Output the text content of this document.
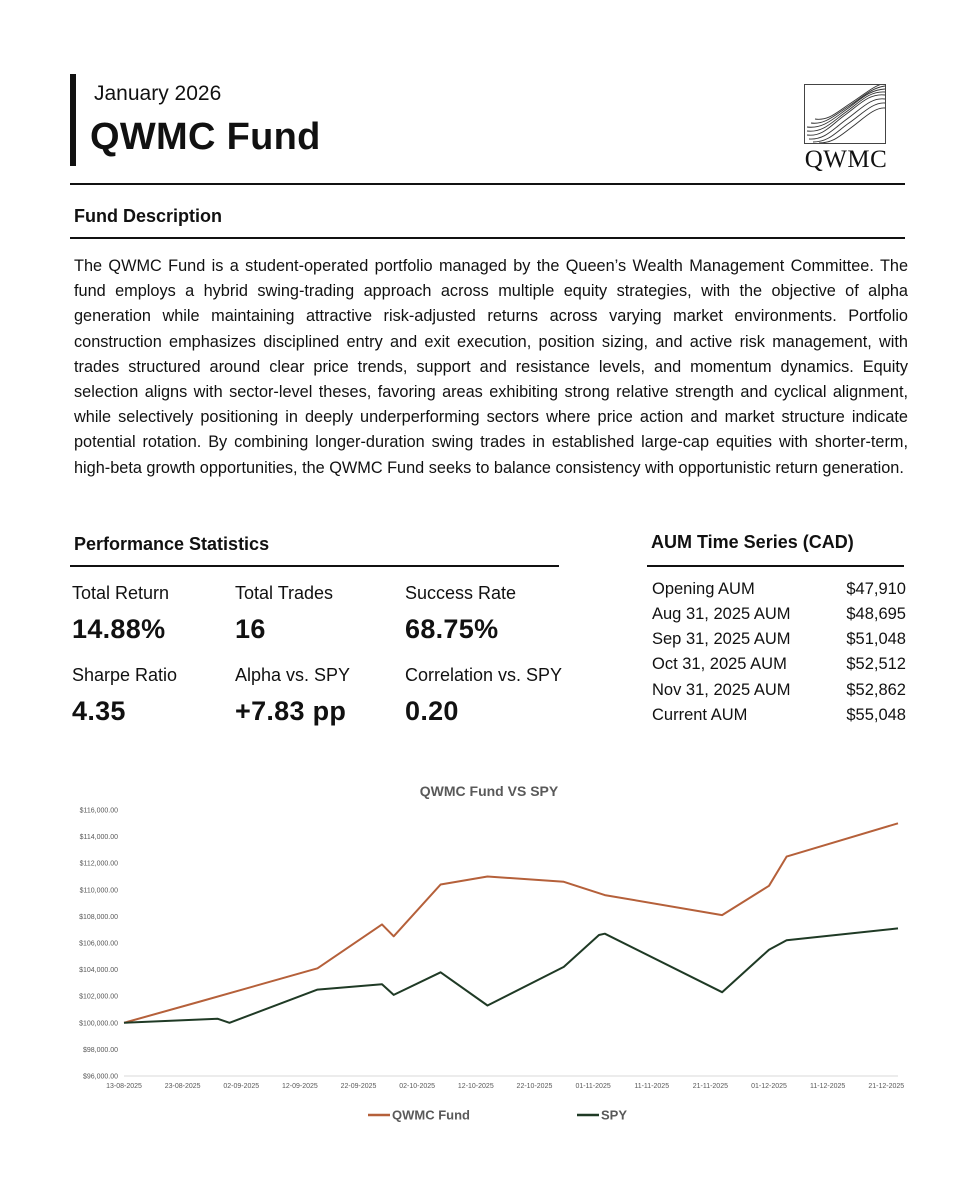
January 2026
QWMC Fund
QWMC
Fund Description
The QWMC Fund is a student-operated portfolio managed by the Queen’s Wealth Management Committee. The fund employs a hybrid swing-trading approach across multiple equity strategies, with the objective of alpha generation while maintaining attractive risk-adjusted returns across varying market environments. Portfolio construction emphasizes disciplined entry and exit execution, position sizing, and active risk management, with trades structured around clear price trends, support and resistance levels, and momentum dynamics. Equity selection aligns with sector-level theses, favoring areas exhibiting strong relative strength and cyclical alignment, while selectively positioning in deeply underperforming sectors where price action and market structure indicate potential rotation. By combining longer-duration swing trades in established large-cap equities with shorter-term, high-beta growth opportunities, the QWMC Fund seeks to balance consistency with opportunistic return generation.
Performance Statistics
Total Return
14.88%
Total Trades
16
Success Rate
68.75%
Sharpe Ratio
4.35
Alpha vs. SPY
+7.83 pp
Correlation vs. SPY
0.20
AUM Time Series (CAD)
Opening AUM	$47,910
Aug 31, 2025 AUM	$48,695
Sep 31, 2025 AUM	$51,048
Oct 31, 2025 AUM	$52,512
Nov 31, 2025 AUM	$52,862
Current AUM	$55,048
QWMC Fund VS SPY
$96,000.00
$98,000.00
$100,000.00
$102,000.00
$104,000.00
$106,000.00
$108,000.00
$110,000.00
$112,000.00
$114,000.00
$116,000.00
13-08-2025	23-08-2025	02-09-2025	12-09-2025	22-09-2025	02-10-2025	12-10-2025	22-10-2025	01-11-2025	11-11-2025	21-11-2025	01-12-2025	11-12-2025	21-12-2025
QWMC Fund	SPY
